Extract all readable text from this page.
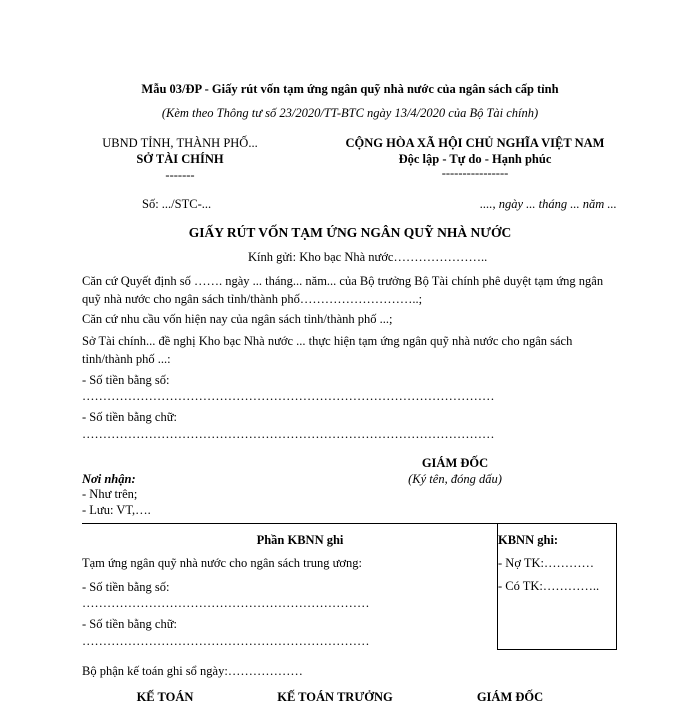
Mẫu 03/ĐP - Giấy rút vốn tạm ứng ngân quỹ nhà nước của ngân sách cấp tỉnh
(Kèm theo Thông tư số 23/2020/TT-BTC ngày 13/4/2020 của Bộ Tài chính)
UBND TỈNH, THÀNH PHỐ...
SỞ TÀI CHÍNH
-------
CỘNG HÒA XÃ HỘI CHỦ NGHĨA VIỆT NAM
Độc lập - Tự do - Hạnh phúc
----------------
Số: .../STC-...	...., ngày ... tháng ... năm ...
GIẤY RÚT VỐN TẠM ỨNG NGÂN QUỸ NHÀ NƯỚC
Kính gửi: Kho bạc Nhà nước…………………..
Căn cứ Quyết định số ……. ngày ... tháng... năm... của Bộ trưởng Bộ Tài chính phê duyệt tạm ứng ngân quỹ nhà nước cho ngân sách tỉnh/thành phố………………………..;
Căn cứ nhu cầu vốn hiện nay của ngân sách tỉnh/thành phố ...;
Sở Tài chính... đề nghị Kho bạc Nhà nước ... thực hiện tạm ứng ngân quỹ nhà nước cho ngân sách tỉnh/thành phố ...:
- Số tiền bằng số:
………………………………………………………………………………………
- Số tiền bằng chữ:
………………………………………………………………………………………
GIÁM ĐỐC
(Ký tên, đóng dấu)
Nơi nhận:
- Như trên;
- Lưu: VT,….
Phần KBNN ghi
Tạm ứng ngân quỹ nhà nước cho ngân sách trung ương:
- Số tiền bằng số:
……………………………………………………………
- Số tiền bằng chữ:
……………………………………………………………
KBNN ghi:
- Nợ TK:…………
- Có TK:…………..
Bộ phận kế toán ghi sổ ngày:………………
KẾ TOÁN	KẾ TOÁN TRƯỞNG	GIÁM ĐỐC
